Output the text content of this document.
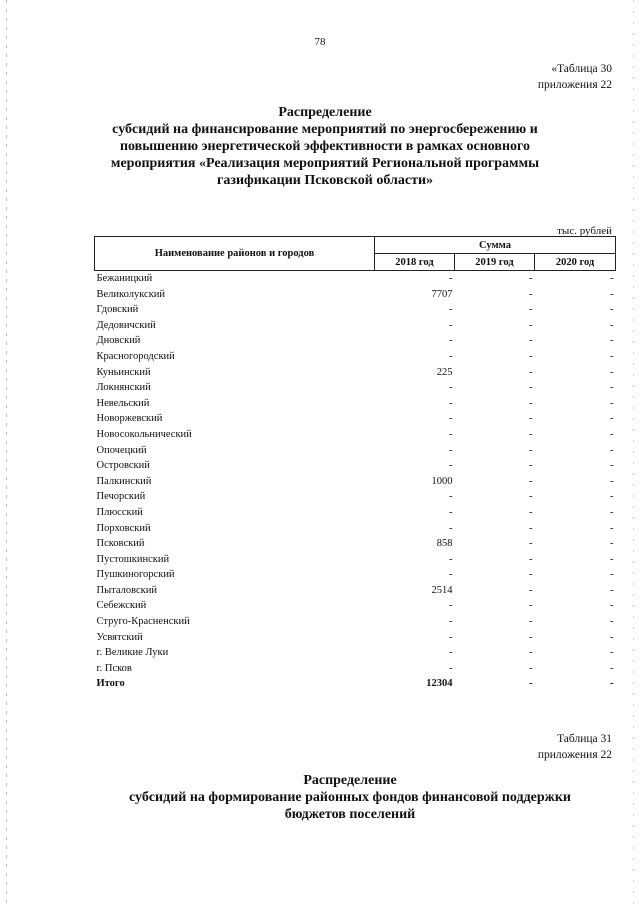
78
«Таблица 30
приложения 22
Распределение
субсидий на финансирование мероприятий по энергосбережению и
повышению энергетической эффективности в рамках основного
мероприятия «Реализация мероприятий Региональной программы
газификации Псковской области»
тыс. рублей
Наименование районов и городов	Сумма		
	2018 год	2019 год	2020 год
Бежаницкий	-	-	-
Великолукский	7707	-	-
Гдовский	-	-	-
Дедовичский	-	-	-
Дновский	-	-	-
Красногородский	-	-	-
Куньинский	225	-	-
Локнянский	-	-	-
Невельский	-	-	-
Новоржевский	-	-	-
Новосокольнический	-	-	-
Опочецкий	-	-	-
Островский	-	-	-
Палкинский	1000	-	-
Печорский	-	-	-
Плюсский	-	-	-
Порховский	-	-	-
Псковский	858	-	-
Пустошкинский	-	-	-
Пушкиногорский	-	-	-
Пыталовский	2514	-	-
Себежский	-	-	-
Струго-Красненский	-	-	-
Усвятский	-	-	-
г. Великие Луки	-	-	-
г. Псков	-	-	-
Итого	12304	-	-
Таблица 31
приложения 22
Распределение
субсидий на формирование районных фондов финансовой поддержки
бюджетов поселений
